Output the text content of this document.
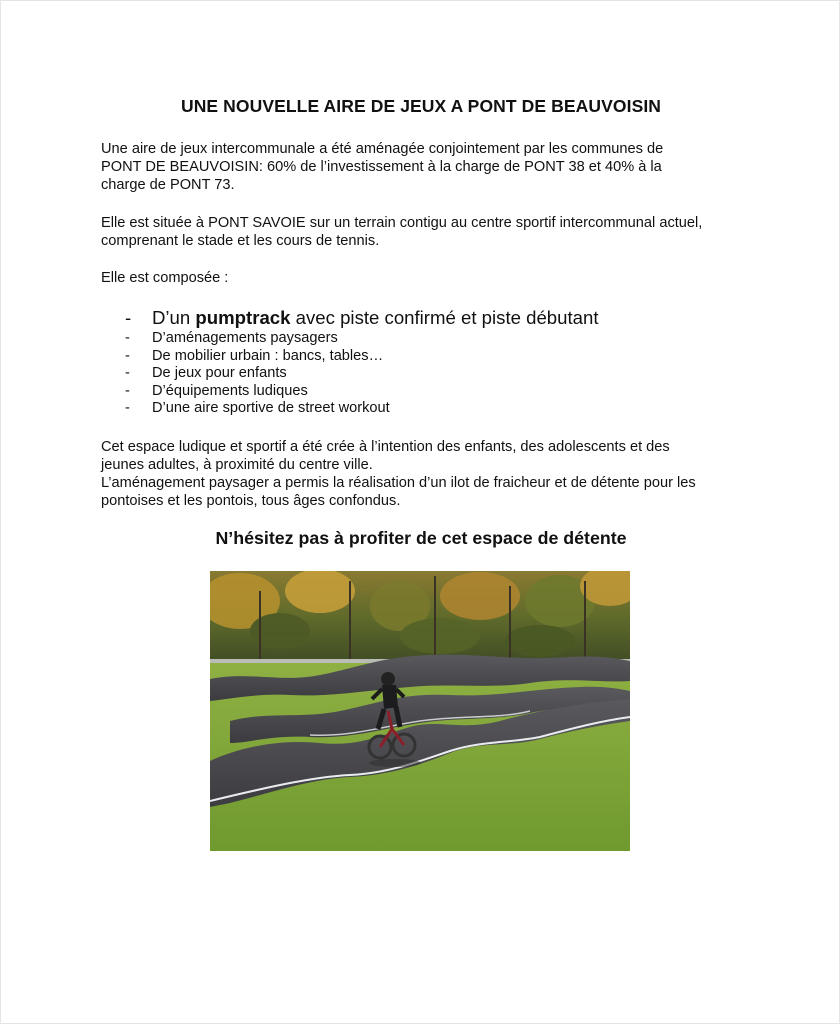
UNE NOUVELLE AIRE DE JEUX A PONT DE BEAUVOISIN

Une aire de jeux intercommunale a été aménagée conjointement par les communes de
PONT DE BEAUVOISIN: 60% de l’investissement à la charge de PONT 38 et 40% à la
charge de PONT 73.

Elle est située à PONT SAVOIE sur un terrain contigu au centre sportif intercommunal actuel,
comprenant le stade et les cours de tennis.

Elle est composée :

- D’un pumptrack avec piste confirmé et piste débutant
- D’aménagements paysagers
- De mobilier urbain : bancs, tables…
- De jeux pour enfants
- D’équipements ludiques
- D’une aire sportive de street workout

Cet espace ludique et sportif a été crée à l’intention des enfants, des adolescents et des
jeunes adultes, à proximité du centre ville.

L’aménagement paysager a permis la réalisation d’un ilot de fraicheur et de détente pour les
pontoises et les pontois, tous âges confondus.

N’hésitez pas à profiter de cet espace de détente
